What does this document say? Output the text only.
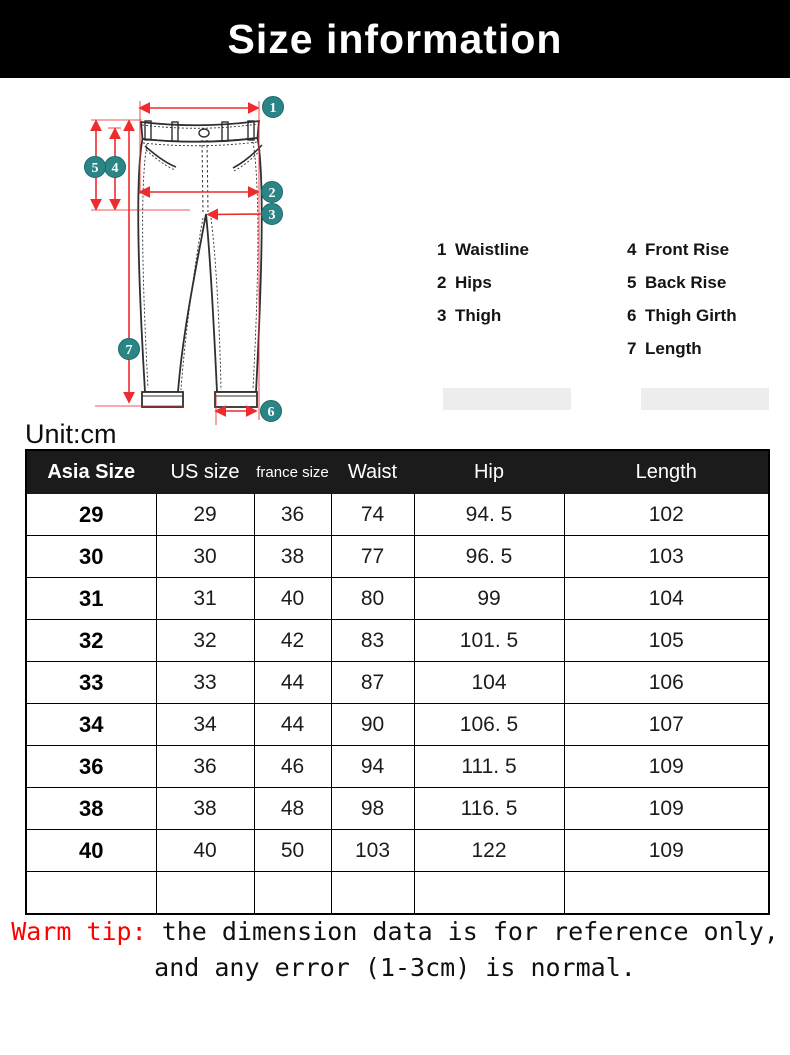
Size information
1
2
3
4
5
6
7
1 Waistline
2 Hips
3 Thigh
4 Front Rise
5 Back Rise
6 Thigh Girth
7 Length
Unit:cm
Asia Size	US size	france size	Waist	Hip	Length
29	29	36	74	94. 5	102
30	30	38	77	96. 5	103
31	31	40	80	99	104
32	32	42	83	101. 5	105
33	33	44	87	104	106
34	34	44	90	106. 5	107
36	36	46	94	111. 5	109
38	38	48	98	116. 5	109
40	40	50	103	122	109

Warm tip: the dimension data is for reference only,
and any error (1-3cm) is normal.
